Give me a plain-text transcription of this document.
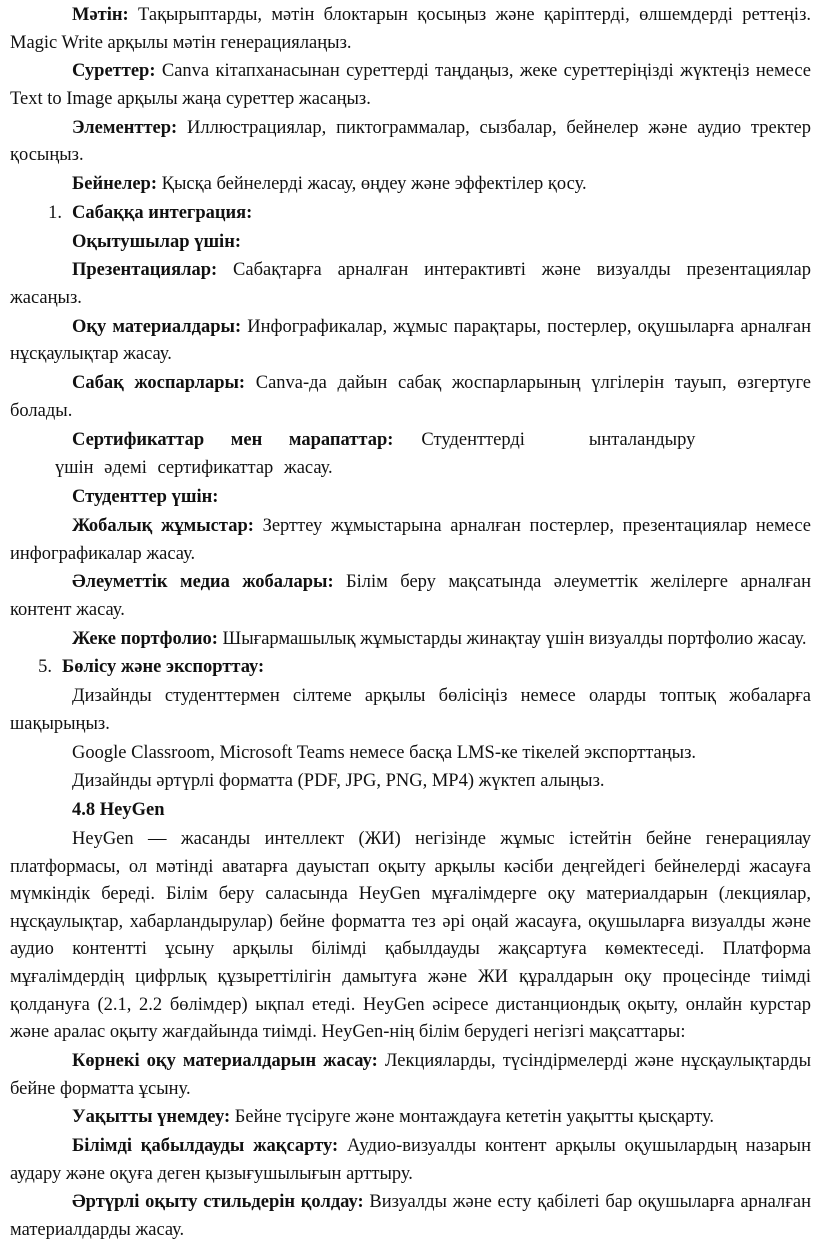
Мәтін: Тақырыптарды, мәтін блоктарын қосыңыз және қаріптерді, өлшемдерді реттеңіз. Magic Write арқылы мәтін генерациялаңыз.

Суреттер: Canva кітапханасынан суреттерді таңдаңыз, жеке суреттеріңізді жүктеңіз немесе Text to Image арқылы жаңа суреттер жасаңыз.

Элементтер: Иллюстрациялар, пиктограммалар, сызбалар, бейнелер және аудио тректер қосыңыз.

Бейнелер: Қысқа бейнелерді жасау, өңдеу және эффектілер қосу.

1. Сабаққа интеграция:

Оқытушылар үшін:

Презентациялар: Сабақтарға арналған интерактивті және визуалды презентациялар жасаңыз.

Оқу материалдары: Инфографикалар, жұмыс парақтары, постерлер, оқушыларға арналған нұсқаулықтар жасау.

Сабақ жоспарлары: Canva-да дайын сабақ жоспарларының үлгілерін тауып, өзгертуге болады.

Сертификаттар мен марапаттар: Студенттерді	ынталандыру

үшін әдемі сертификаттар жасау.

Студенттер үшін:

Жобалық жұмыстар: Зерттеу жұмыстарына арналған постерлер, презентациялар немесе инфографикалар жасау.

Әлеуметтік медиа жобалары: Білім беру мақсатында әлеуметтік желілерге арналған контент жасау.

Жеке портфолио: Шығармашылық жұмыстарды жинақтау үшін визуалды портфолио жасау.

5. Бөлісу және экспорттау:

Дизайнды студенттермен сілтеме арқылы бөлісіңіз немесе оларды топтық жобаларға шақырыңыз.

Google Classroom, Microsoft Teams немесе басқа LMS-ке тікелей экспорттаңыз.

Дизайнды әртүрлі форматта (PDF, JPG, PNG, MP4) жүктеп алыңыз.

4.8 HeyGen

HeyGen — жасанды интеллект (ЖИ) негізінде жұмыс істейтін бейне генерациялау платформасы, ол мәтінді аватарға дауыстап оқыту арқылы кәсіби деңгейдегі бейнелерді жасауға мүмкіндік береді. Білім беру саласында HeyGen мұғалімдерге оқу материалдарын (лекциялар, нұсқаулықтар, хабарландырулар) бейне форматта тез әрі оңай жасауға, оқушыларға визуалды және аудио контентті ұсыну арқылы білімді қабылдауды жақсартуға көмектеседі. Платформа мұғалімдердің цифрлық құзыреттілігін дамытуға және ЖИ құралдарын оқу процесінде тиімді қолдануға (2.1, 2.2 бөлімдер) ықпал етеді. HeyGen әсіресе дистанциондық оқыту, онлайн курстар және аралас оқыту жағдайында тиімді. HeyGen-нің білім берудегі негізгі мақсаттары:

Көрнекі оқу материалдарын жасау: Лекцияларды, түсіндірмелерді және нұсқаулықтарды бейне форматта ұсыну.

Уақытты үнемдеу: Бейне түсіруге және монтаждауға кететін уақытты қысқарту.

Білімді қабылдауды жақсарту: Аудио-визуалды контент арқылы оқушылардың назарын аудару және оқуға деген қызығушылығын арттыру.

Әртүрлі оқыту стильдерін қолдау: Визуалды және есту қабілеті бар оқушыларға арналған материалдарды жасау.
